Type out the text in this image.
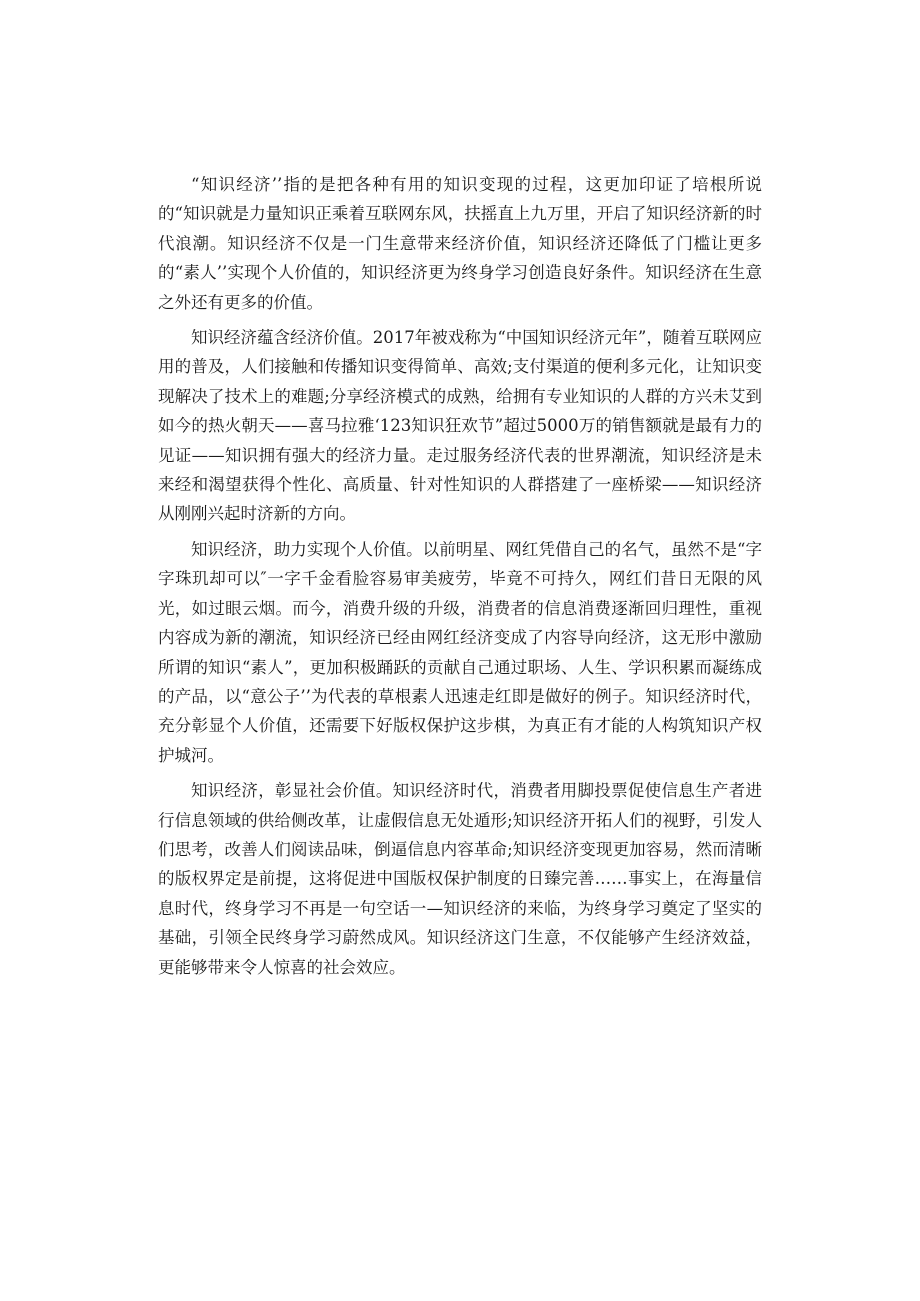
“知识经济’’指的是把各种有用的知识变现的过程，这更加印证了培根所说的“知识就是力量知识正乘着互联网东风，扶摇直上九万里，开启了知识经济新的时代浪潮。知识经济不仅是一门生意带来经济价值，知识经济还降低了门槛让更多的“素人’’实现个人价值的，知识经济更为终身学习创造良好条件。知识经济在生意之外还有更多的价值。

知识经济蕴含经济价值。2017年被戏称为“中国知识经济元年”，随着互联网应用的普及，人们接触和传播知识变得简单、高效;支付渠道的便利多元化，让知识变现解决了技术上的难题;分享经济模式的成熟，给拥有专业知识的人群的方兴未艾到如今的热火朝天——喜马拉雅‘123知识狂欢节”超过5000万的销售额就是最有力的见证——知识拥有强大的经济力量。走过服务经济代表的世界潮流，知识经济是未来经和渴望获得个性化、高质量、针对性知识的人群搭建了一座桥梁——知识经济从刚刚兴起时济新的方向。

知识经济，助力实现个人价值。以前明星、网红凭借自己的名气，虽然不是“字字珠玑却可以″一字千金看脸容易审美疲劳，毕竟不可持久，网红们昔日无限的风光，如过眼云烟。而今，消费升级的升级，消费者的信息消费逐渐回归理性，重视内容成为新的潮流，知识经济已经由网红经济变成了内容导向经济，这无形中激励所谓的知识“素人”，更加积极踊跃的贡献自己通过职场、人生、学识积累而凝练成的产品，以“意公子’’为代表的草根素人迅速走红即是做好的例子。知识经济时代，充分彰显个人价值，还需要下好版权保护这步棋，为真正有才能的人构筑知识产权护城河。

知识经济，彰显社会价值。知识经济时代，消费者用脚投票促使信息生产者进行信息领域的供给侧改革，让虚假信息无处遁形;知识经济开拓人们的视野，引发人们思考，改善人们阅读品味，倒逼信息内容革命;知识经济变现更加容易，然而清晰的版权界定是前提，这将促进中国版权保护制度的日臻完善……事实上，在海量信息时代，终身学习不再是一句空话一—知识经济的来临，为终身学习奠定了坚实的基础，引领全民终身学习蔚然成风。知识经济这门生意，不仅能够产生经济效益，更能够带来令人惊喜的社会效应。
